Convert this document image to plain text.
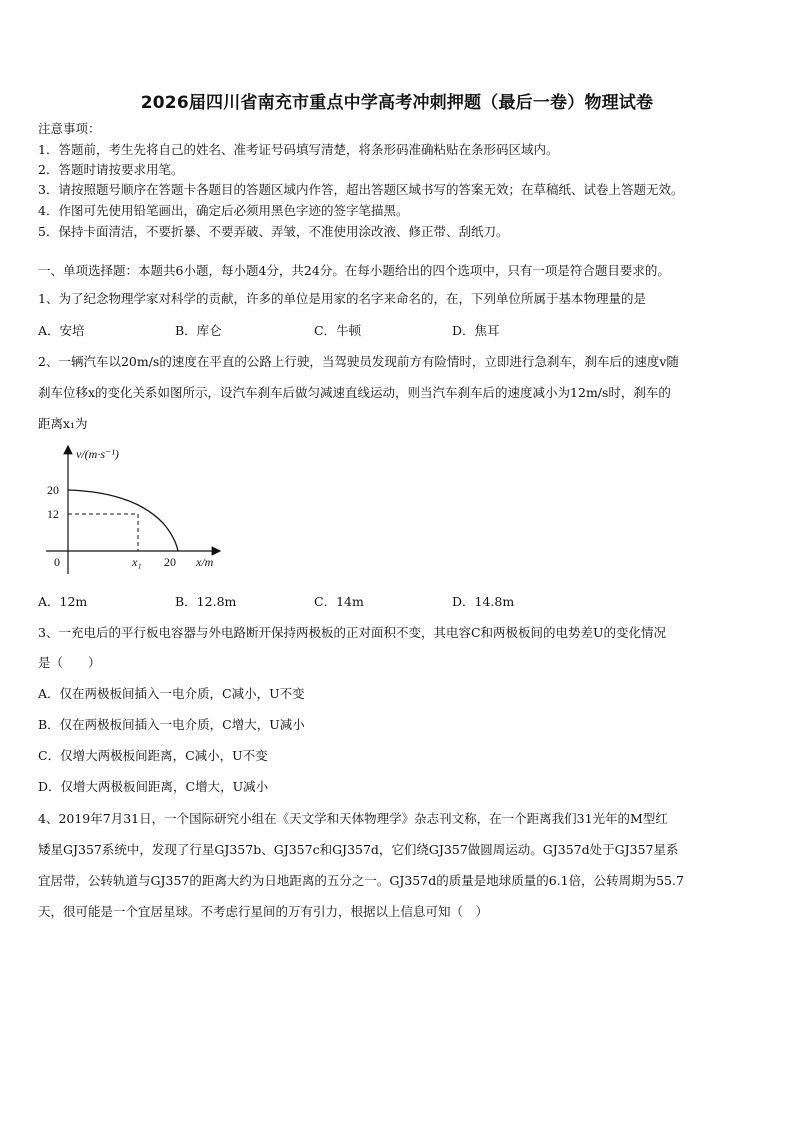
2026届四川省南充市重点中学高考冲刺押题（最后一卷）物理试卷
注意事项：
1．答题前，考生先将自己的姓名、准考证号码填写清楚，将条形码准确粘贴在条形码区域内。
2．答题时请按要求用笔。
3．请按照题号顺序在答题卡各题目的答题区域内作答，超出答题区域书写的答案无效；在草稿纸、试卷上答题无效。
4．作图可先使用铅笔画出，确定后必须用黑色字迹的签字笔描黑。
5．保持卡面清洁，不要折暴、不要弄破、弄皱，不准使用涂改液、修正带、刮纸刀。
一、单项选择题：本题共6小题，每小题4分，共24分。在每小题给出的四个选项中，只有一项是符合题目要求的。
1、为了纪念物理学家对科学的贡献，许多的单位是用家的名字来命名的，在，下列单位所属于基本物理量的是
A．安培	B．库仑	C．牛顿	D．焦耳
2、一辆汽车以20m/s的速度在平直的公路上行驶，当驾驶员发现前方有险情时，立即进行急刹车，刹车后的速度v随
刹车位移x的变化关系如图所示，设汽车刹车后做匀减速直线运动，则当汽车刹车后的速度减小为12m/s时，刹车的
距离x₁为
v/(m·s⁻¹)
20
12
0	x₁ 20 x/m
A．12m	B．12.8m	C．14m	D．14.8m
3、一充电后的平行板电容器与外电路断开保持两极板的正对面积不变，其电容C和两极板间的电势差U的变化情况
是（　　）
A．仅在两极板间插入一电介质，C减小，U不变
B．仅在两极板间插入一电介质，C增大，U减小
C．仅增大两极板间距离，C减小，U不变
D．仅增大两极板间距离，C增大，U减小
4、2019年7月31日，一个国际研究小组在《天文学和天体物理学》杂志刊文称，在一个距离我们31光年的M型红
矮星GJ357系统中，发现了行星GJ357b、GJ357c和GJ357d，它们绕GJ357做圆周运动。GJ357d处于GJ357星系
宜居带，公转轨道与GJ357的距离大约为日地距离的五分之一。GJ357d的质量是地球质量的6.1倍，公转周期为55.7
天，很可能是一个宜居星球。不考虑行星间的万有引力，根据以上信息可知（　）
